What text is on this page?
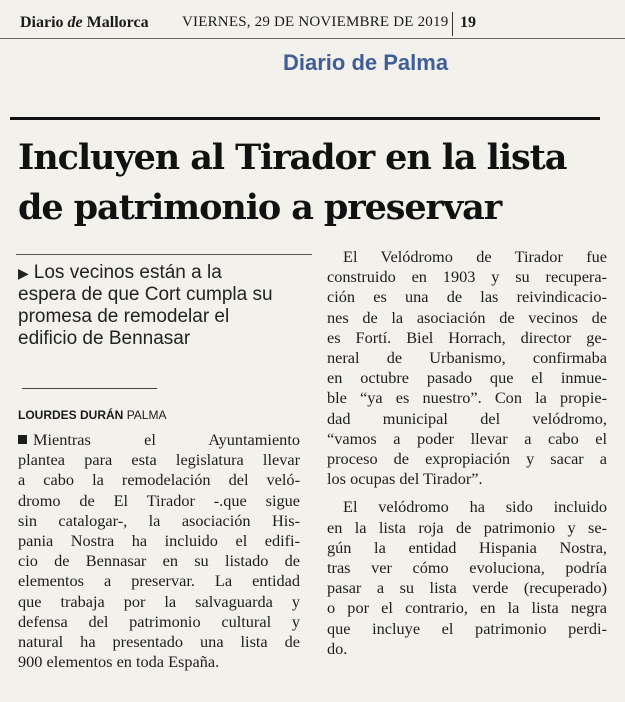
Diario de Mallorca VIERNES, 29 DE NOVIEMBRE DE 2019 19
Diario de Palma
Incluyen al Tirador en la lista
de patrimonio a preservar
▶ Los vecinos están a la
espera de que Cort cumpla su
promesa de remodelar el
edificio de Bennasar
LOURDES DURÁN PALMA
Mientras el Ayuntamiento
plantea para esta legislatura llevar
a cabo la remodelación del veló-
dromo de El Tirador -.que sigue
sin catalogar-, la asociación His-
pania Nostra ha incluido el edifi-
cio de Bennasar en su listado de
elementos a preservar. La entidad
que trabaja por la salvaguarda y
defensa del patrimonio cultural y
natural ha presentado una lista de
900 elementos en toda España.
El Velódromo de Tirador fue
construido en 1903 y su recupera-
ción es una de las reivindicacio-
nes de la asociación de vecinos de
es Fortí. Biel Horrach, director ge-
neral de Urbanismo, confirmaba
en octubre pasado que el inmue-
ble “ya es nuestro”. Con la propie-
dad municipal del velódromo,
“vamos a poder llevar a cabo el
proceso de expropiación y sacar a
los ocupas del Tirador”.
El velódromo ha sido incluido
en la lista roja de patrimonio y se-
gún la entidad Hispania Nostra,
tras ver cómo evoluciona, podría
pasar a su lista verde (recuperado)
o por el contrario, en la lista negra
que incluye el patrimonio perdi-
do.
